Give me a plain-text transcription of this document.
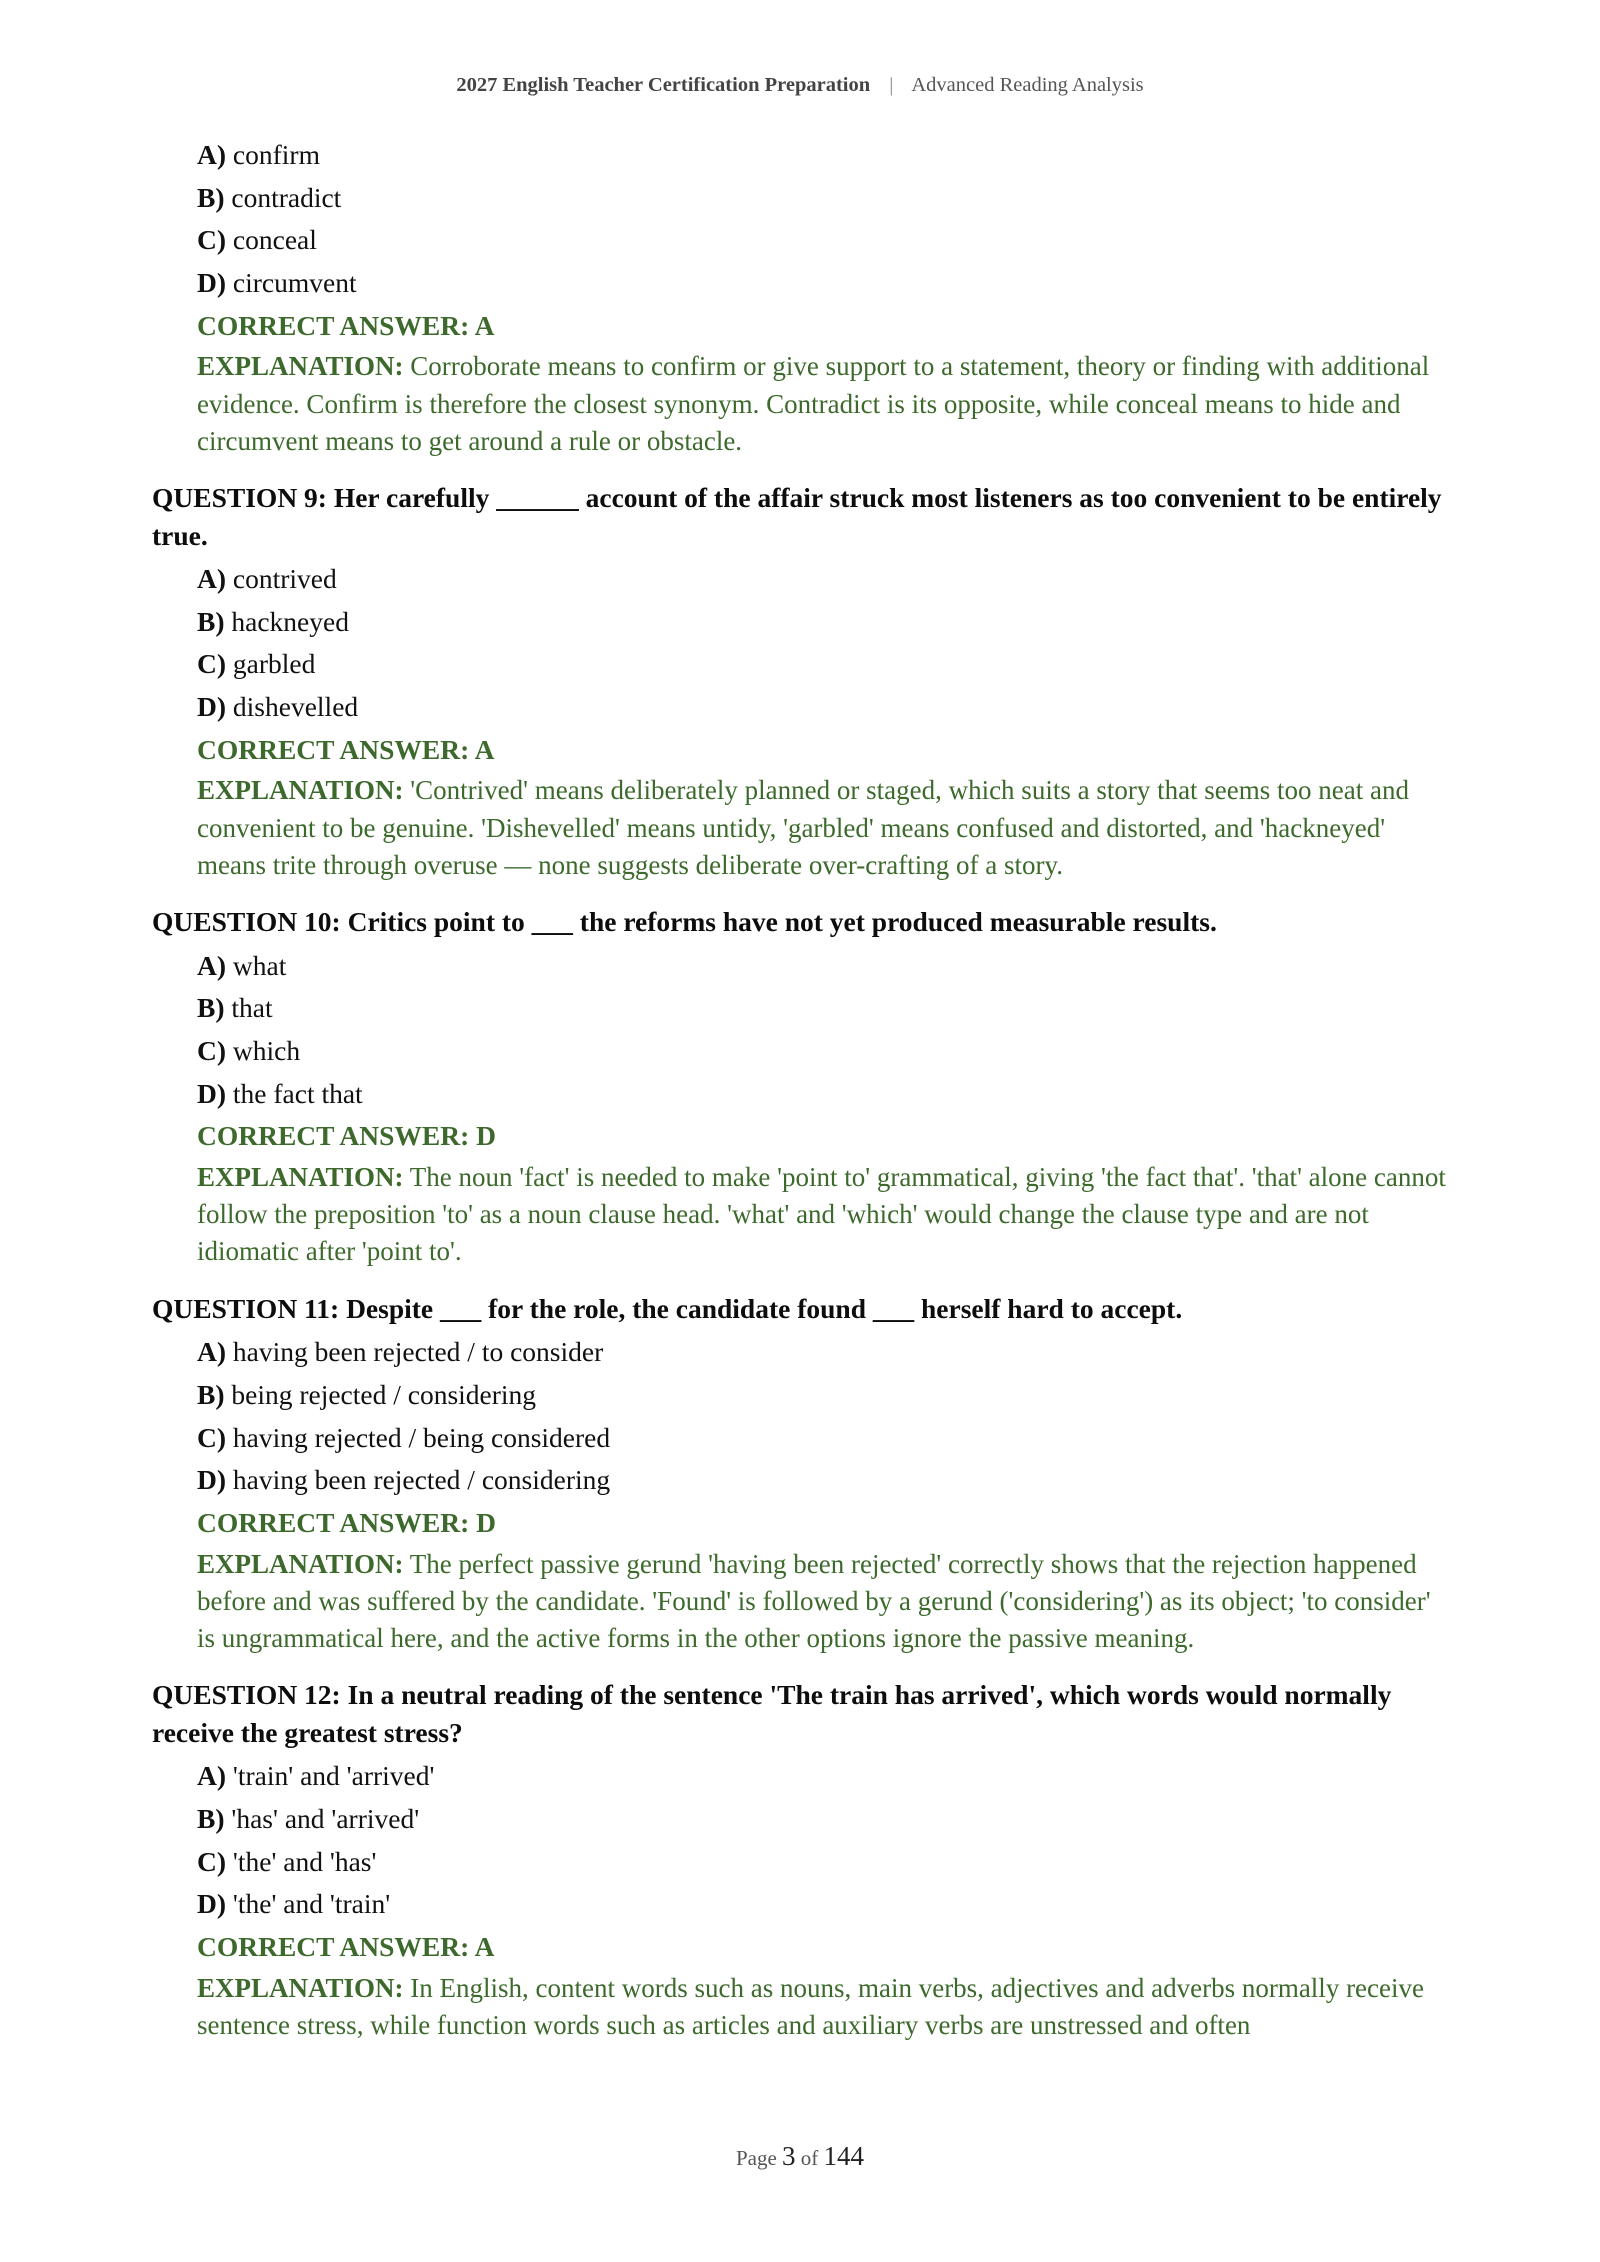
2027 English Teacher Certification Preparation | Advanced Reading Analysis
A) confirm
B) contradict
C) conceal
D) circumvent
CORRECT ANSWER: A
EXPLANATION: Corroborate means to confirm or give support to a statement, theory or finding with additional evidence. Confirm is therefore the closest synonym. Contradict is its opposite, while conceal means to hide and circumvent means to get around a rule or obstacle.
QUESTION 9: Her carefully ______ account of the affair struck most listeners as too convenient to be entirely true.
A) contrived
B) hackneyed
C) garbled
D) dishevelled
CORRECT ANSWER: A
EXPLANATION: 'Contrived' means deliberately planned or staged, which suits a story that seems too neat and convenient to be genuine. 'Dishevelled' means untidy, 'garbled' means confused and distorted, and 'hackneyed' means trite through overuse — none suggests deliberate over-crafting of a story.
QUESTION 10: Critics point to ___ the reforms have not yet produced measurable results.
A) what
B) that
C) which
D) the fact that
CORRECT ANSWER: D
EXPLANATION: The noun 'fact' is needed to make 'point to' grammatical, giving 'the fact that'. 'that' alone cannot follow the preposition 'to' as a noun clause head. 'what' and 'which' would change the clause type and are not idiomatic after 'point to'.
QUESTION 11: Despite ___ for the role, the candidate found ___ herself hard to accept.
A) having been rejected / to consider
B) being rejected / considering
C) having rejected / being considered
D) having been rejected / considering
CORRECT ANSWER: D
EXPLANATION: The perfect passive gerund 'having been rejected' correctly shows that the rejection happened before and was suffered by the candidate. 'Found' is followed by a gerund ('considering') as its object; 'to consider' is ungrammatical here, and the active forms in the other options ignore the passive meaning.
QUESTION 12: In a neutral reading of the sentence 'The train has arrived', which words would normally receive the greatest stress?
A) 'train' and 'arrived'
B) 'has' and 'arrived'
C) 'the' and 'has'
D) 'the' and 'train'
CORRECT ANSWER: A
EXPLANATION: In English, content words such as nouns, main verbs, adjectives and adverbs normally receive sentence stress, while function words such as articles and auxiliary verbs are unstressed and often
Page 3 of 144
